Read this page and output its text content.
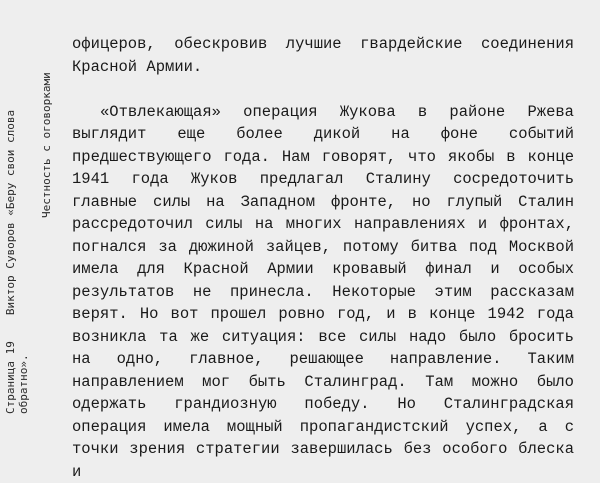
Страница 19Виктор Суворов «Беру свои слова
обратно».
Честность с оговорками

офицеров, обескровив лучшие гвардейские соединения Красной Армии.

«Отвлекающая» операция Жукова в районе Ржева выглядит еще более дикой на фоне событий предшествующего года. Нам говорят, что якобы в конце 1941 года Жуков предлагал Сталину сосредоточить главные силы на Западном фронте, но глупый Сталин рассредоточил силы на многих направлениях и фронтах, погнался за дюжиной зайцев, потому битва под Москвой имела для Красной Армии кровавый финал и особых результатов не принесла. Некоторые этим рассказам верят. Но вот прошел ровно год, и в конце 1942 года возникла та же ситуация: все силы надо было бросить на одно, главное, решающее направление. Таким направлением мог быть Сталинград. Там можно было одержать грандиозную победу. Но Сталинградская операция имела мощный пропагандистский успех, а с точки зрения стратегии завершилась без особого блеска и
